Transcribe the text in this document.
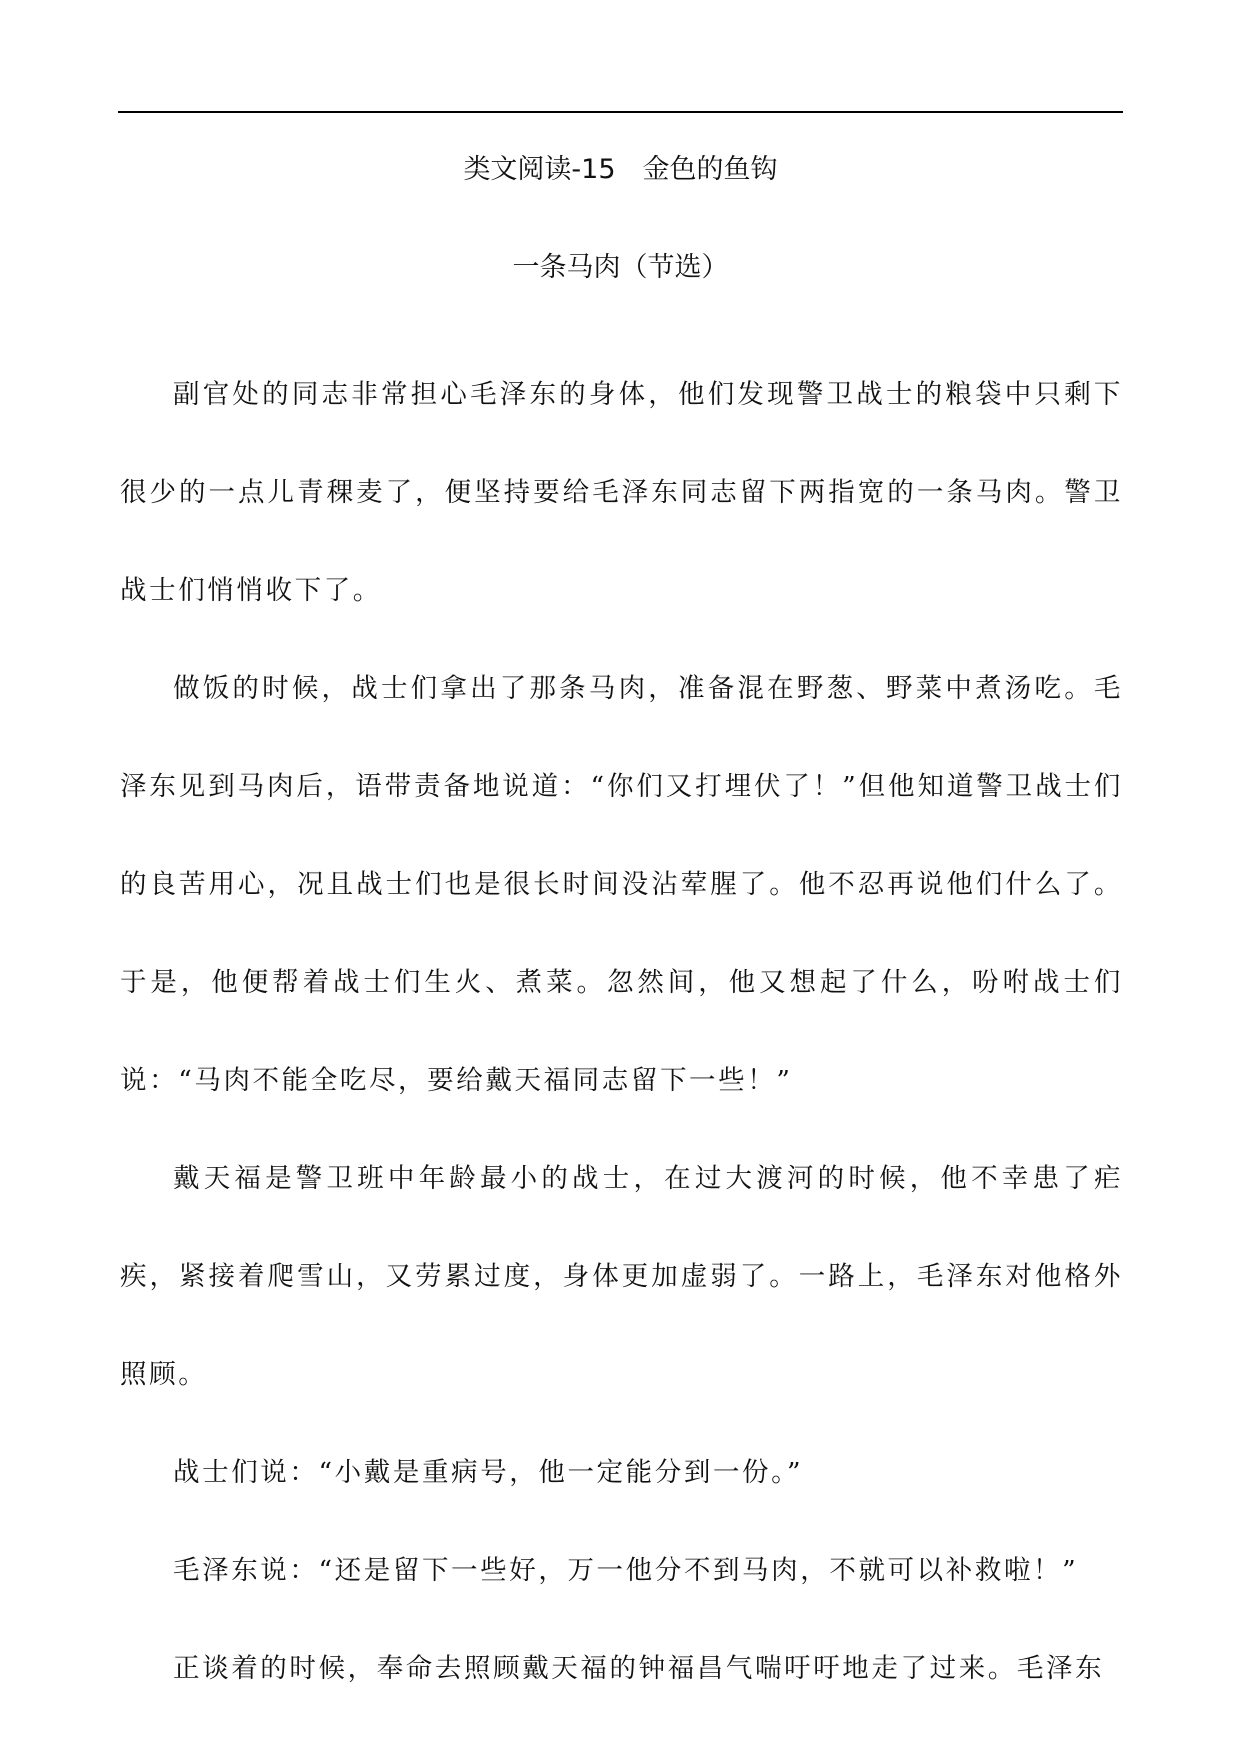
类文阅读-15　金色的鱼钩
一条马肉（节选）

副官处的同志非常担心毛泽东的身体，他们发现警卫战士的粮袋中只剩下很少的一点儿青稞麦了，便坚持要给毛泽东同志留下两指宽的一条马肉。警卫战士们悄悄收下了。

做饭的时候，战士们拿出了那条马肉，准备混在野葱、野菜中煮汤吃。毛泽东见到马肉后，语带责备地说道：“你们又打埋伏了！”但他知道警卫战士们的良苦用心，况且战士们也是很长时间没沾荤腥了。他不忍再说他们什么了。于是，他便帮着战士们生火、煮菜。忽然间，他又想起了什么，吩咐战士们说：“马肉不能全吃尽，要给戴天福同志留下一些！”

戴天福是警卫班中年龄最小的战士，在过大渡河的时候，他不幸患了疟疾，紧接着爬雪山，又劳累过度，身体更加虚弱了。一路上，毛泽东对他格外照顾。

战士们说：“小戴是重病号，他一定能分到一份。”

毛泽东说：“还是留下一些好，万一他分不到马肉，不就可以补救啦！”

正谈着的时候，奉命去照顾戴天福的钟福昌气喘吁吁地走了过来。毛泽东
